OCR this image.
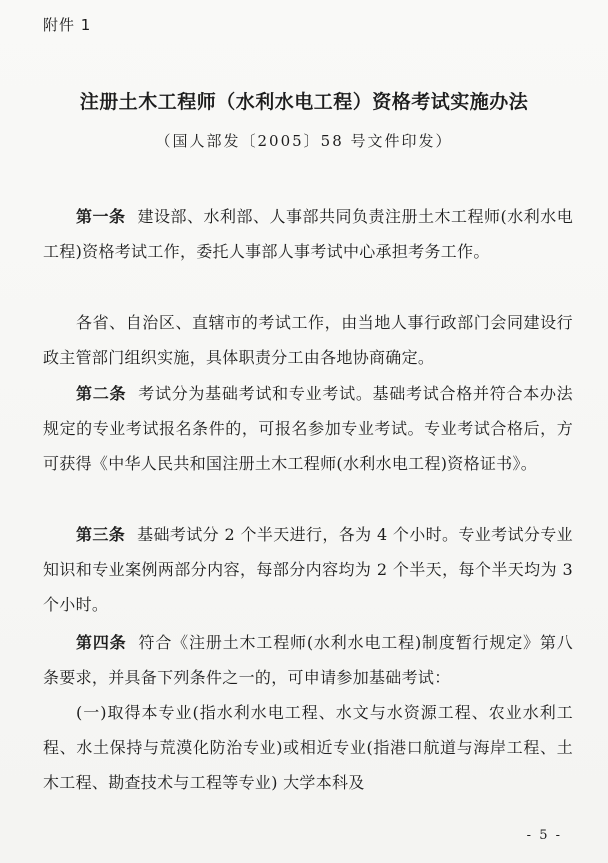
附件 1
注册土木工程师（水利水电工程）资格考试实施办法
（国人部发〔2005〕58 号文件印发）
第一条 建设部、水利部、人事部共同负责注册土木工程师(水利水电工程)资格考试工作，委托人事部人事考试中心承担考务工作。
各省、自治区、直辖市的考试工作，由当地人事行政部门会同建设行政主管部门组织实施，具体职责分工由各地协商确定。
第二条 考试分为基础考试和专业考试。基础考试合格并符合本办法规定的专业考试报名条件的，可报名参加专业考试。专业考试合格后，方可获得《中华人民共和国注册土木工程师(水利水电工程)资格证书》。
第三条 基础考试分 2 个半天进行，各为 4 个小时。专业考试分专业知识和专业案例两部分内容，每部分内容均为 2 个半天，每个半天均为 3 个小时。
第四条 符合《注册土木工程师(水利水电工程)制度暂行规定》第八条要求，并具备下列条件之一的，可申请参加基础考试：
(一)取得本专业(指水利水电工程、水文与水资源工程、农业水利工程、水土保持与荒漠化防治专业)或相近专业(指港口航道与海岸工程、土木工程、勘查技术与工程等专业) 大学本科及
- 5 -
